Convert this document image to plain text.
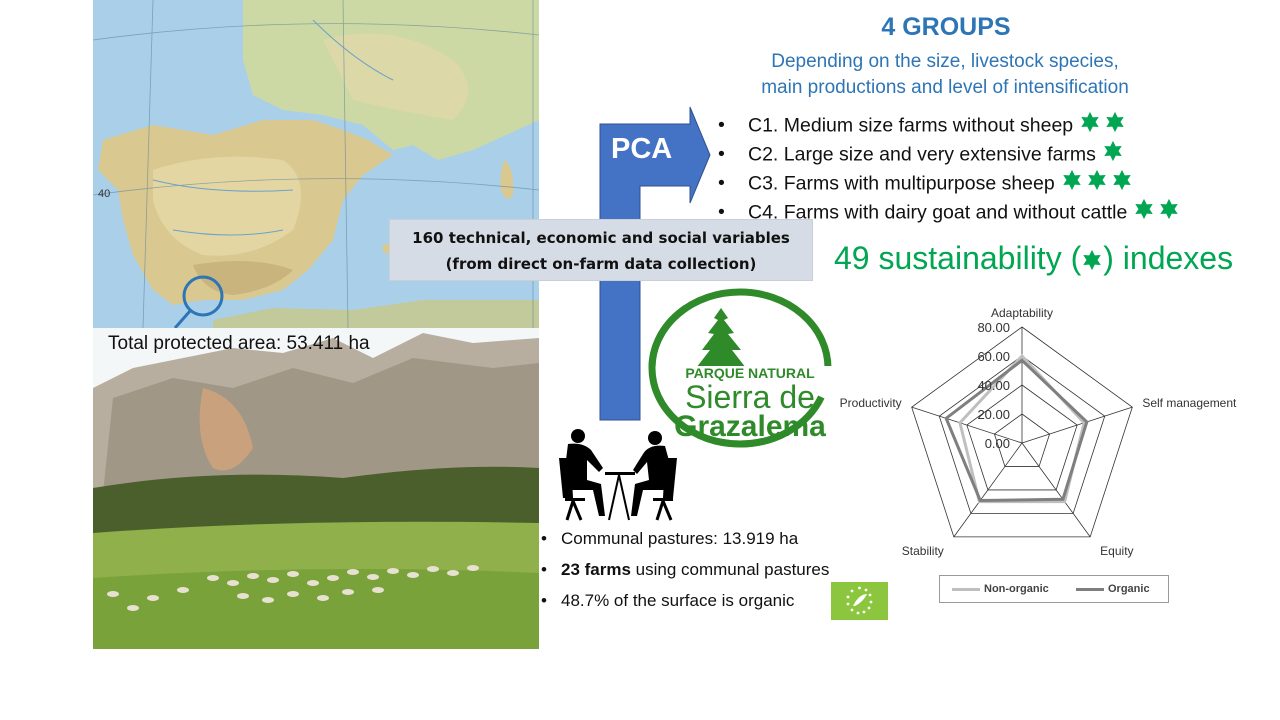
40
Total protected area: 53.411 ha
PCA
160 technical, economic and social variables
(from direct on-farm data collection)
4 GROUPS
Depending on the size, livestock species,
main productions and level of intensification
• C1. Medium size farms without sheep
• C2. Large size and very extensive farms
• C3. Farms with multipurpose sheep
• C4. Farms with dairy goat and without cattle
49 sustainability ( ) indexes
PARQUE NATURAL
Sierra de
Grazalema
• Communal pastures: 13.919 ha
• 23 farms using communal pastures
• 48.7% of the surface is organic
0.00
20.00
40.00
60.00
80.00
Adaptability
Self management
Equity
Stability
Productivity
Non-organic	Organic
